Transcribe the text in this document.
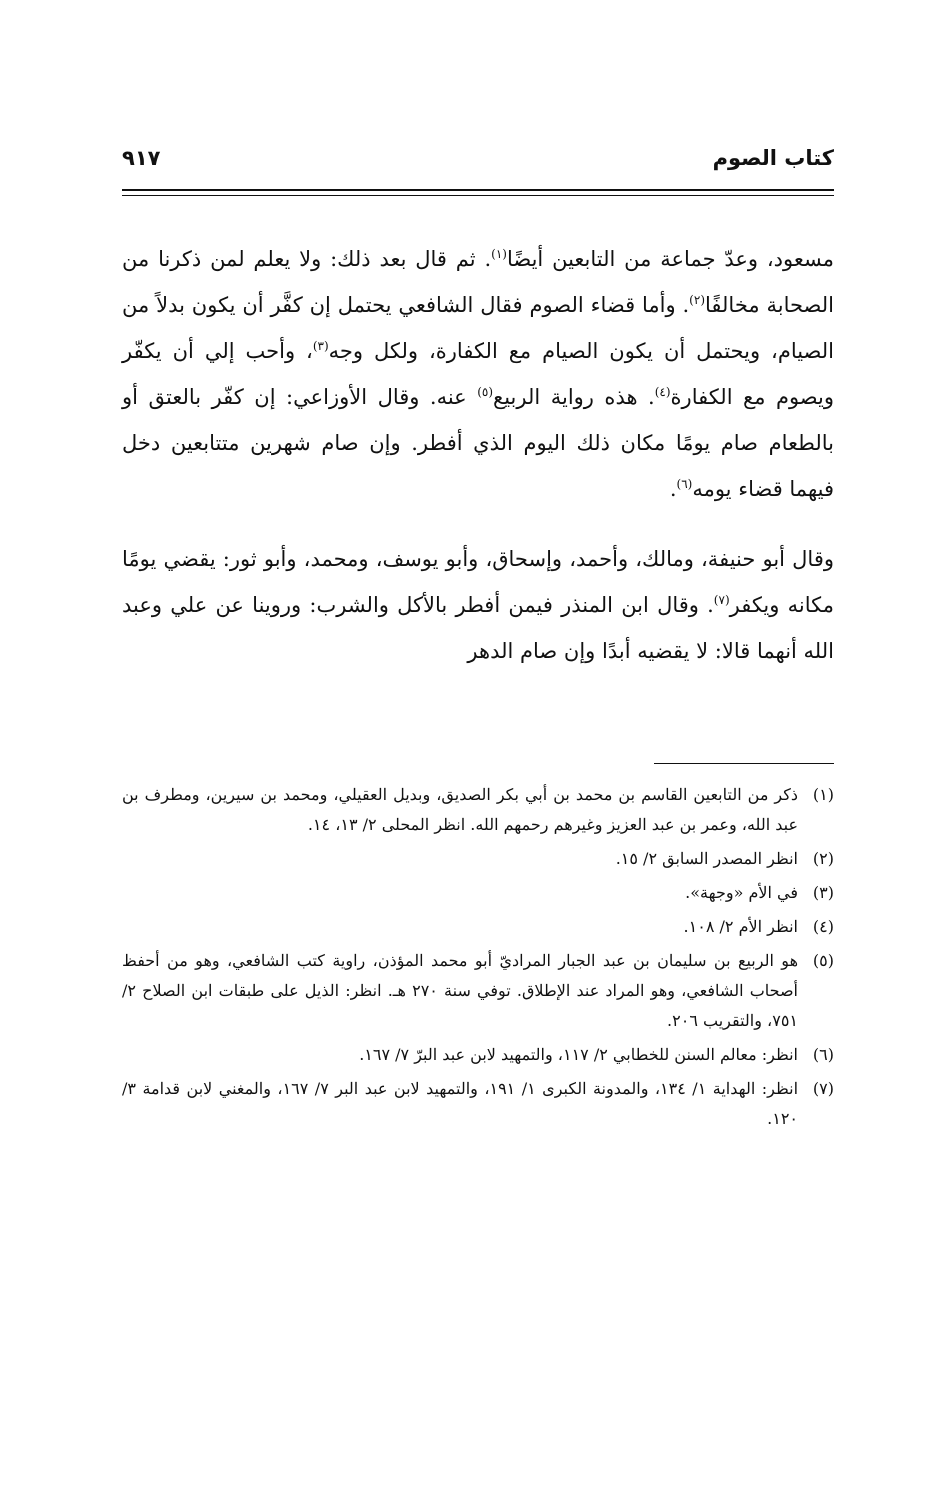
كتاب الصوم
٩١٧

مسعود، وعدّ جماعة من التابعين أيضًا$^{(١)}$. ثم قال بعد ذلك: ولا يعلم لمن ذكرنا من الصحابة مخالفًا$^{(٢)}$. وأما قضاء الصوم فقال الشافعي يحتمل إن كفَّر أن يكون بدلاً من الصيام، ويحتمل أن يكون الصيام مع الكفارة، ولكل وجه$^{(٣)}$، وأحب إلي أن يكفّر ويصوم مع الكفارة$^{(٤)}$. هذه رواية الربيع$^{(٥)}$ عنه. وقال الأوزاعي: إن كفّر بالعتق أو بالطعام صام يومًا مكان ذلك اليوم الذي أفطر. وإن صام شهرين متتابعين دخل فيهما قضاء يومه$^{(٦)}$.

وقال أبو حنيفة، ومالك، وأحمد، وإسحاق، وأبو يوسف، ومحمد، وأبو ثور: يقضي يومًا مكانه ويكفر$^{(٧)}$. وقال ابن المنذر فيمن أفطر بالأكل والشرب: وروينا عن علي وعبد الله أنهما قالا: لا يقضيه أبدًا وإن صام الدهر

(١)
ذكر من التابعين القاسم بن محمد بن أبي بكر الصديق، وبديل العقيلي، ومحمد بن سيرين، ومطرف بن عبد الله، وعمر بن عبد العزيز وغيرهم رحمهم الله. انظر المحلى ٢/ ١٣، ١٤.
(٢)
انظر المصدر السابق ٢/ ١٥.
(٣)
في الأم «وجهة».
(٤)
انظر الأم ٢/ ١٠٨.
(٥)
هو الربيع بن سليمان بن عبد الجبار المراديّ أبو محمد المؤذن، راوية كتب الشافعي، وهو من أحفظ أصحاب الشافعي، وهو المراد عند الإطلاق. توفي سنة ٢٧٠ هـ. انظر: الذيل على طبقات ابن الصلاح ٢/ ٧٥١، والتقريب ٢٠٦.
(٦)
انظر: معالم السنن للخطابي ٢/ ١١٧، والتمهيد لابن عبد البرّ ٧/ ١٦٧.
(٧)
انظر: الهداية ١/ ١٣٤، والمدونة الكبرى ١/ ١٩١، والتمهيد لابن عبد البر ٧/ ١٦٧، والمغني لابن قدامة ٣/ ١٢٠.
